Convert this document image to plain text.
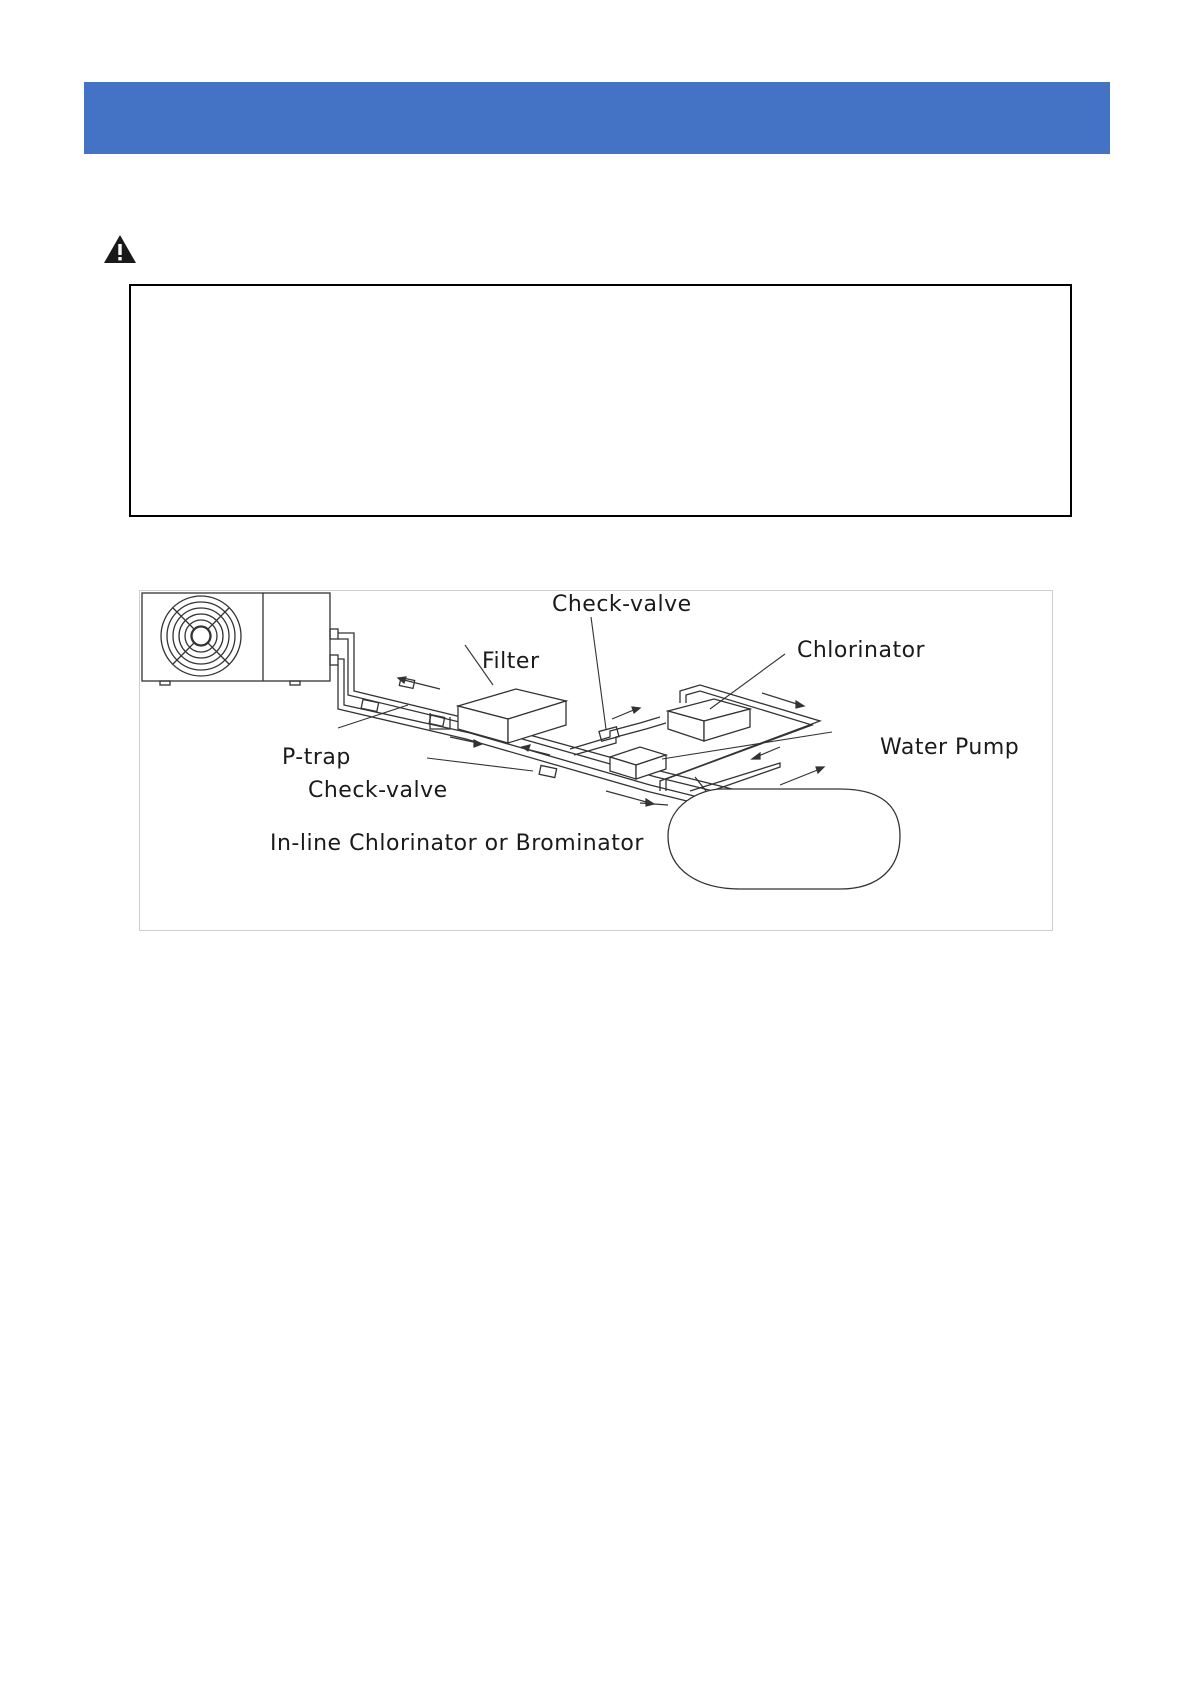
Check-valve
Filter	Chlorinator
Water Pump
P-trap
Check-valve
In-line Chlorinator or Brominator
